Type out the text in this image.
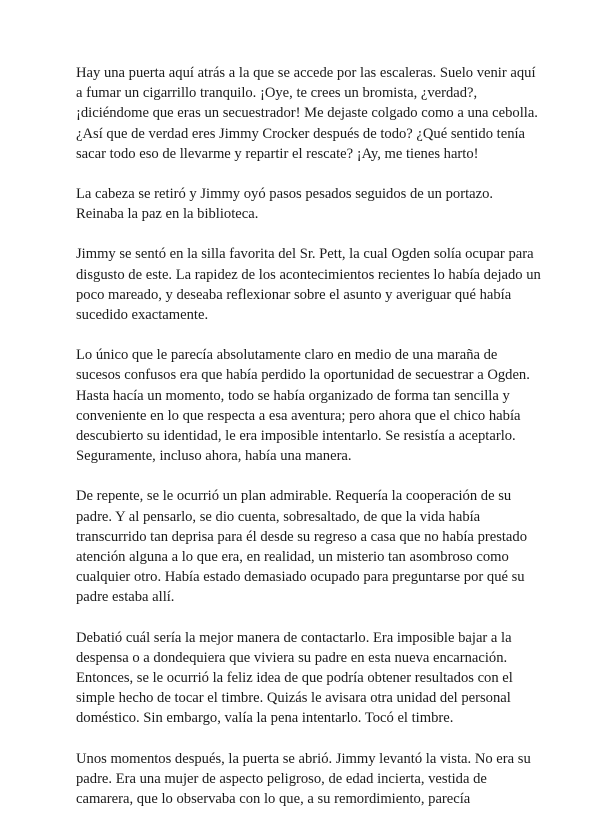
Hay una puerta aquí atrás a la que se accede por las escaleras. Suelo venir aquí a fumar un cigarrillo tranquilo. ¡Oye, te crees un bromista, ¿verdad?, ¡diciéndome que eras un secuestrador! Me dejaste colgado como a una cebolla. ¿Así que de verdad eres Jimmy Crocker después de todo? ¿Qué sentido tenía sacar todo eso de llevarme y repartir el rescate? ¡Ay, me tienes harto!

La cabeza se retiró y Jimmy oyó pasos pesados seguidos de un portazo. Reinaba la paz en la biblioteca.

Jimmy se sentó en la silla favorita del Sr. Pett, la cual Ogden solía ocupar para disgusto de este. La rapidez de los acontecimientos recientes lo había dejado un poco mareado, y deseaba reflexionar sobre el asunto y averiguar qué había sucedido exactamente.

Lo único que le parecía absolutamente claro en medio de una maraña de sucesos confusos era que había perdido la oportunidad de secuestrar a Ogden. Hasta hacía un momento, todo se había organizado de forma tan sencilla y conveniente en lo que respecta a esa aventura; pero ahora que el chico había descubierto su identidad, le era imposible intentarlo. Se resistía a aceptarlo. Seguramente, incluso ahora, había una manera.

De repente, se le ocurrió un plan admirable. Requería la cooperación de su padre. Y al pensarlo, se dio cuenta, sobresaltado, de que la vida había transcurrido tan deprisa para él desde su regreso a casa que no había prestado atención alguna a lo que era, en realidad, un misterio tan asombroso como cualquier otro. Había estado demasiado ocupado para preguntarse por qué su padre estaba allí.

Debatió cuál sería la mejor manera de contactarlo. Era imposible bajar a la despensa o a dondequiera que viviera su padre en esta nueva encarnación. Entonces, se le ocurrió la feliz idea de que podría obtener resultados con el simple hecho de tocar el timbre. Quizás le avisara otra unidad del personal doméstico. Sin embargo, valía la pena intentarlo. Tocó el timbre.

Unos momentos después, la puerta se abrió. Jimmy levantó la vista. No era su padre. Era una mujer de aspecto peligroso, de edad incierta, vestida de camarera, que lo observaba con lo que, a su remordimiento, parecía
